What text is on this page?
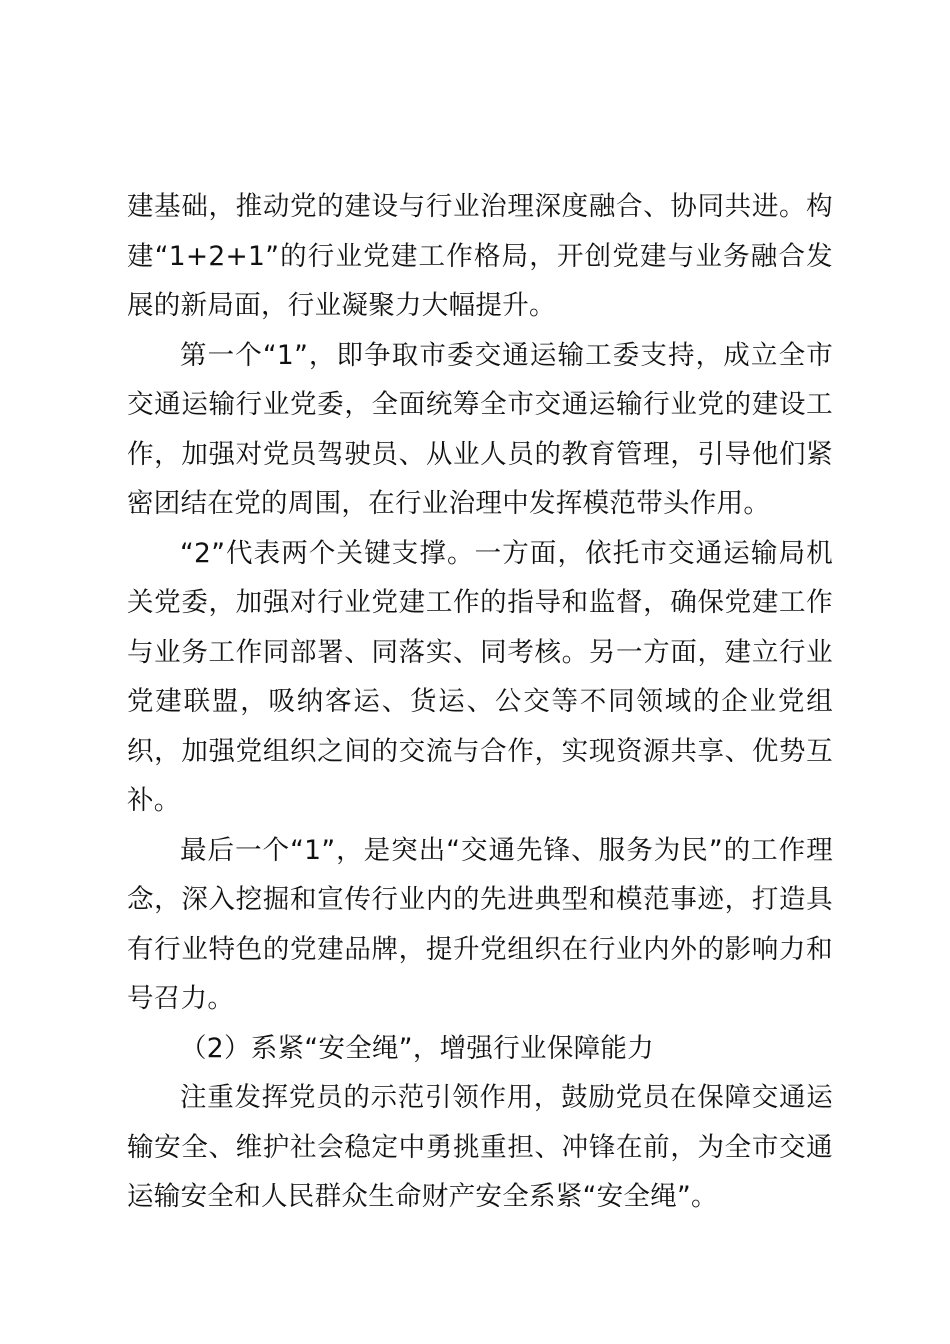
建基础，推动党的建设与行业治理深度融合、协同共进。构建“1+2+1”的行业党建工作格局，开创党建与业务融合发展的新局面，行业凝聚力大幅提升。

第一个“1”，即争取市委交通运输工委支持，成立全市交通运输行业党委，全面统筹全市交通运输行业党的建设工作，加强对党员驾驶员、从业人员的教育管理，引导他们紧密团结在党的周围，在行业治理中发挥模范带头作用。

“2”代表两个关键支撑。一方面，依托市交通运输局机关党委，加强对行业党建工作的指导和监督，确保党建工作与业务工作同部署、同落实、同考核。另一方面，建立行业党建联盟，吸纳客运、货运、公交等不同领域的企业党组织，加强党组织之间的交流与合作，实现资源共享、优势互补。

最后一个“1”，是突出“交通先锋、服务为民”的工作理念，深入挖掘和宣传行业内的先进典型和模范事迹，打造具有行业特色的党建品牌，提升党组织在行业内外的影响力和号召力。

（2）系紧“安全绳”，增强行业保障能力

注重发挥党员的示范引领作用，鼓励党员在保障交通运输安全、维护社会稳定中勇挑重担、冲锋在前，为全市交通运输安全和人民群众生命财产安全系紧“安全绳”。
